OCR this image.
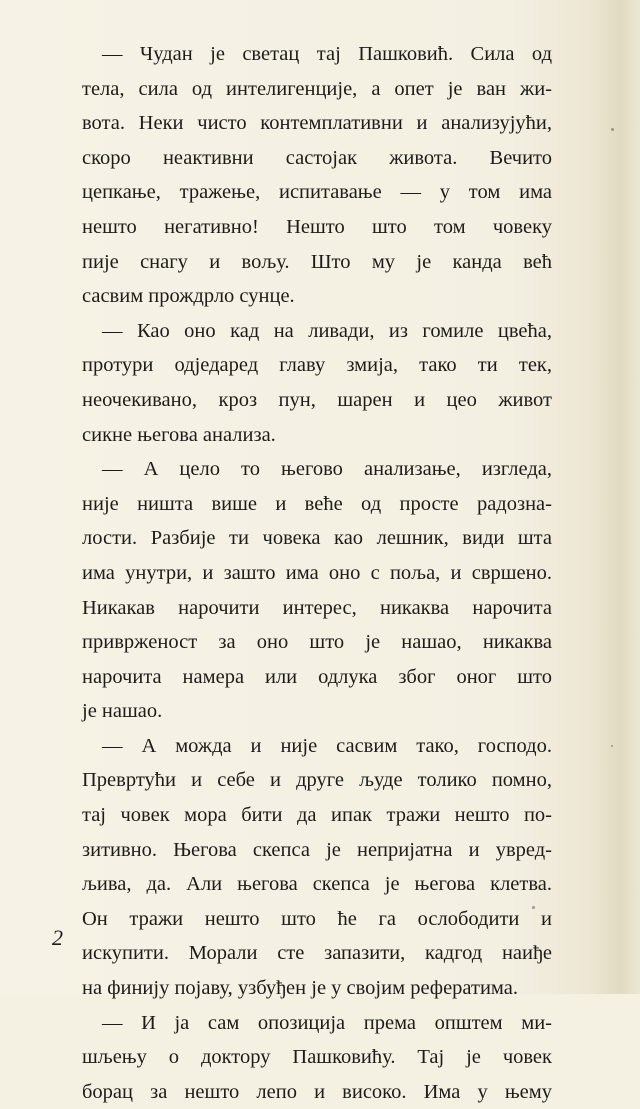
— Чудан је светац тај Пашковић. Сила од
тела, сила од интелигенције, а опет је ван жи-
вота. Неки чисто контемплативни и анализујући,
скоро неактивни састојак живота. Вечито
цепкање, тражење, испитавање — у том има
нешто негативно! Нешто што том човеку
пије снагу и вољу. Што му је канда већ
сасвим прождрло сунце.
— Као оно кад на ливади, из гомиле цвећа,
протури одједаред главу змија, тако ти тек,
неочекивано, кроз пун, шарен и цео живот
сикне његова анализа.
— А цело то његово анализање, изгледа,
није ништа више и веће од просте радозна-
лости. Разбије ти човека као лешник, види шта
има унутри, и зашто има оно с поља, и свршено.
Никакав нарочити интерес, никаква нарочита
привржeност за оно што је нашао, никаква
нарочита намера или одлука због оног што
је нашао.
— А можда и није сасвим тако, господо.
Превртући и себе и друге људе толико помно,
тај човек мора бити да ипак тражи нешто по-
зитивно. Његова скепса је непријатна и увред-
љива, да. Али његова скепса је његова клетва.
Он тражи нешто што ће га ослободити и
искупити. Морали сте запазити, кадгод наиђе
на финију појаву, узбуђен је у својим рефератима.
— И ја сам опозиција према општем ми-
шљењу о доктору Пашковићу. Тај је човек
борац за нешто лепо и високо. Има у њему
2
